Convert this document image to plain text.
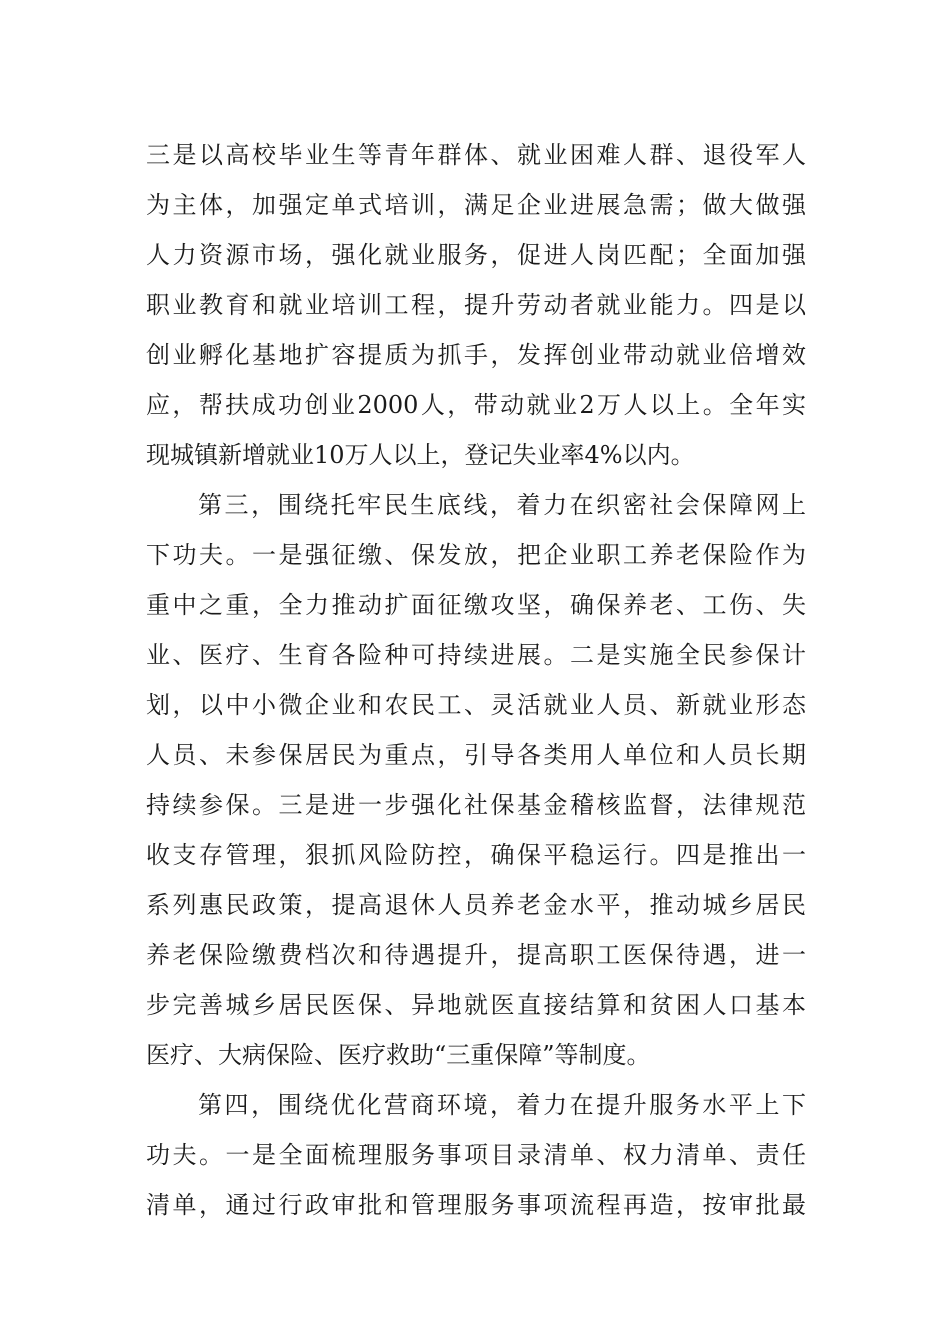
三是以高校毕业生等青年群体、就业困难人群、退役军人
为主体，加强定单式培训，满足企业进展急需；做大做强
人力资源市场，强化就业服务，促进人岗匹配；全面加强
职业教育和就业培训工程，提升劳动者就业能力。四是以
创业孵化基地扩容提质为抓手，发挥创业带动就业倍增效
应，帮扶成功创业2000人，带动就业2万人以上。全年实
现城镇新增就业10万人以上，登记失业率4%以内。
第三，围绕托牢民生底线，着力在织密社会保障网上
下功夫。一是强征缴、保发放，把企业职工养老保险作为
重中之重，全力推动扩面征缴攻坚，确保养老、工伤、失
业、医疗、生育各险种可持续进展。二是实施全民参保计
划，以中小微企业和农民工、灵活就业人员、新就业形态
人员、未参保居民为重点，引导各类用人单位和人员长期
持续参保。三是进一步强化社保基金稽核监督，法律规范
收支存管理，狠抓风险防控，确保平稳运行。四是推出一
系列惠民政策，提高退休人员养老金水平，推动城乡居民
养老保险缴费档次和待遇提升，提高职工医保待遇，进一
步完善城乡居民医保、异地就医直接结算和贫困人口基本
医疗、大病保险、医疗救助“三重保障”等制度。
第四，围绕优化营商环境，着力在提升服务水平上下
功夫。一是全面梳理服务事项目录清单、权力清单、责任
清单，通过行政审批和管理服务事项流程再造，按审批最
